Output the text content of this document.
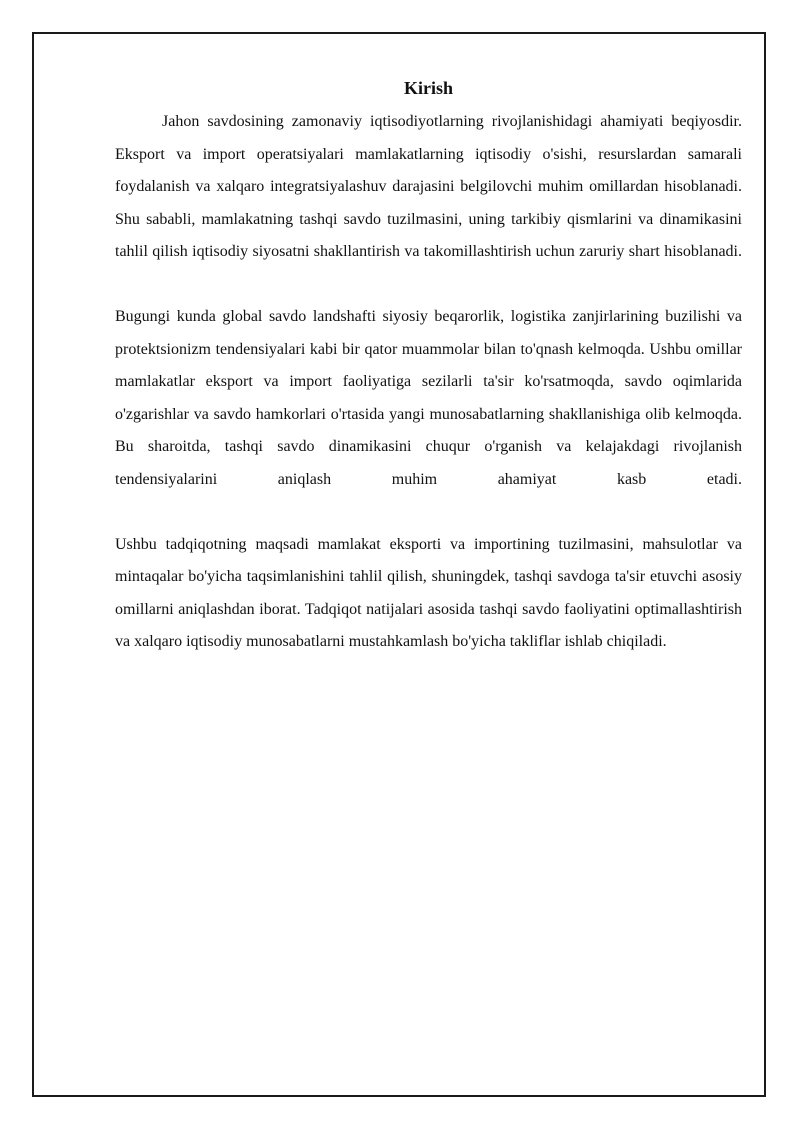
Kirish

Jahon savdosining zamonaviy iqtisodiyotlarning rivojlanishidagi ahamiyati beqiyosdir. Eksport va import operatsiyalari mamlakatlarning iqtisodiy o'sishi, resurslardan samarali foydalanish va xalqaro integratsiyalashuv darajasini belgilovchi muhim omillardan hisoblanadi. Shu sababli, mamlakatning tashqi savdo tuzilmasini, uning tarkibiy qismlarini va dinamikasini tahlil qilish iqtisodiy siyosatni shakllantirish va takomillashtirish uchun zaruriy shart hisoblanadi.

Bugungi kunda global savdo landshafti siyosiy beqarorlik, logistika zanjirlarining buzilishi va protektsionizm tendensiyalari kabi bir qator muammolar bilan to'qnash kelmoqda. Ushbu omillar mamlakatlar eksport va import faoliyatiga sezilarli ta'sir ko'rsatmoqda, savdo oqimlarida o'zgarishlar va savdo hamkorlari o'rtasida yangi munosabatlarning shakllanishiga olib kelmoqda. Bu sharoitda, tashqi savdo dinamikasini chuqur o'rganish va kelajakdagi rivojlanish tendensiyalarini aniqlash muhim ahamiyat kasb etadi.

Ushbu tadqiqotning maqsadi mamlakat eksporti va importining tuzilmasini, mahsulotlar va mintaqalar bo'yicha taqsimlanishini tahlil qilish, shuningdek, tashqi savdoga ta'sir etuvchi asosiy omillarni aniqlashdan iborat. Tadqiqot natijalari asosida tashqi savdo faoliyatini optimallashtirish va xalqaro iqtisodiy munosabatlarni mustahkamlash bo'yicha takliflar ishlab chiqiladi.
